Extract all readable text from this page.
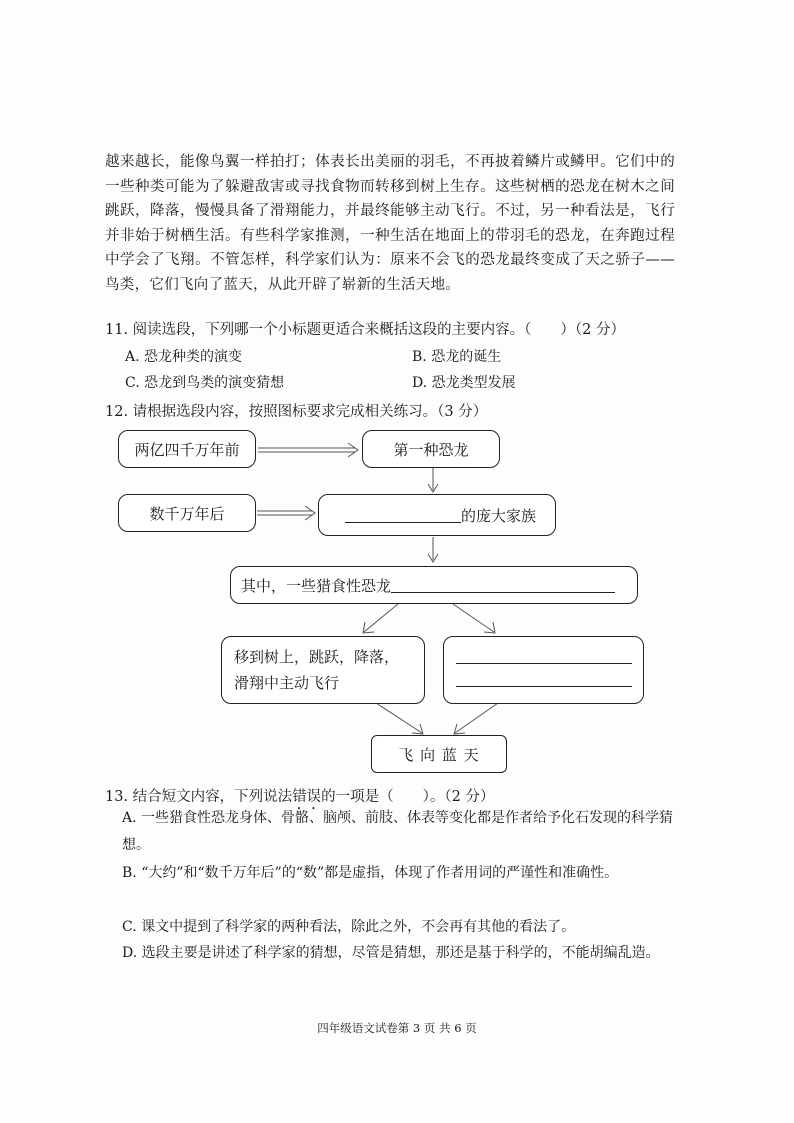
越来越长，能像鸟翼一样拍打；体表长出美丽的羽毛，不再披着鳞片或鳞甲。它们中的一些种类可能为了躲避敌害或寻找食物而转移到树上生存。这些树栖的恐龙在树木之间跳跃，降落，慢慢具备了滑翔能力，并最终能够主动飞行。不过，另一种看法是，飞行并非始于树栖生活。有些科学家推测，一种生活在地面上的带羽毛的恐龙，在奔跑过程中学会了飞翔。不管怎样，科学家们认为：原来不会飞的恐龙最终变成了天之骄子——鸟类，它们飞向了蓝天，从此开辟了崭新的生活天地。
11. 阅读选段，下列哪一个小标题更适合来概括这段的主要内容。（　　）（2 分）
A. 恐龙种类的演变	B. 恐龙的诞生
C. 恐龙到鸟类的演变猜想	D. 恐龙类型发展
12. 请根据选段内容，按照图标要求完成相关练习。（3 分）
两亿四千万年前	第一种恐龙
数千万年后	的庞大家族
其中，一些猎食性恐龙
移到树上，跳跃，降落，
滑翔中主动飞行
飞 向 蓝 天
13. 结合短文内容，下列说法错误的一项是（　　）。（2 分）
A. 一些猎食性恐龙身体、骨骼、脑颅、前肢、体表等变化都是作者给予化石发现的科学猜想。
B. “大约”和“数千万年后”的“数”都是虚指，体现了作者用词的严谨性和准确性。
C. 课文中提到了科学家的两种看法，除此之外，不会再有其他的看法了。
D. 选段主要是讲述了科学家的猜想，尽管是猜想，那还是基于科学的，不能胡编乱造。
四年级语文试卷第 3 页 共 6 页
